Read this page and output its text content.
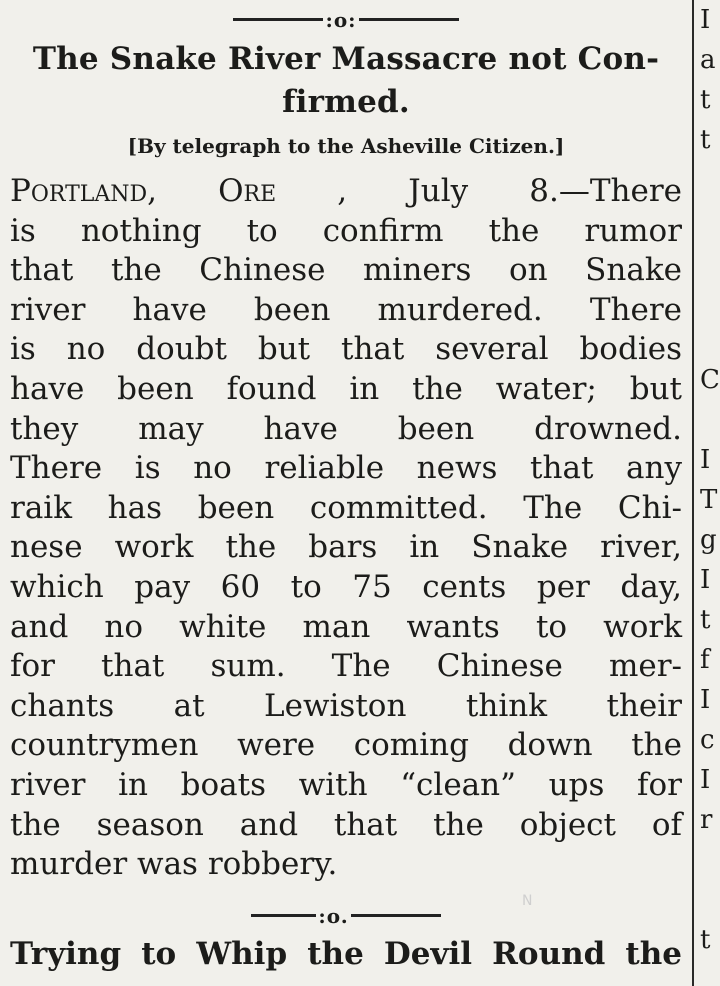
:o:
The Snake River Massacre not Con-
firmed.
[By telegraph to the Asheville Citizen.]
Portland, Ore , July 8.—There
is nothing to confirm the rumor
that the Chinese miners on Snake
river have been murdered. There
is no doubt but that several bodies
have been found in the water; but
they may have been drowned.
There is no reliable news that any
raik has been committed. The Chi-
nese work the bars in Snake river,
which pay 60 to 75 cents per day,
and no white man wants to work
for that sum. The Chinese mer-
chants at Lewiston think their
countrymen were coming down the
river in boats with “clean” ups for
the season and that the object of
murder was robbery.
:o.
Trying to Whip the Devil Round the
N
I
a
t
t
C
I
T
g
I
t
f
I
c
I
r
t
